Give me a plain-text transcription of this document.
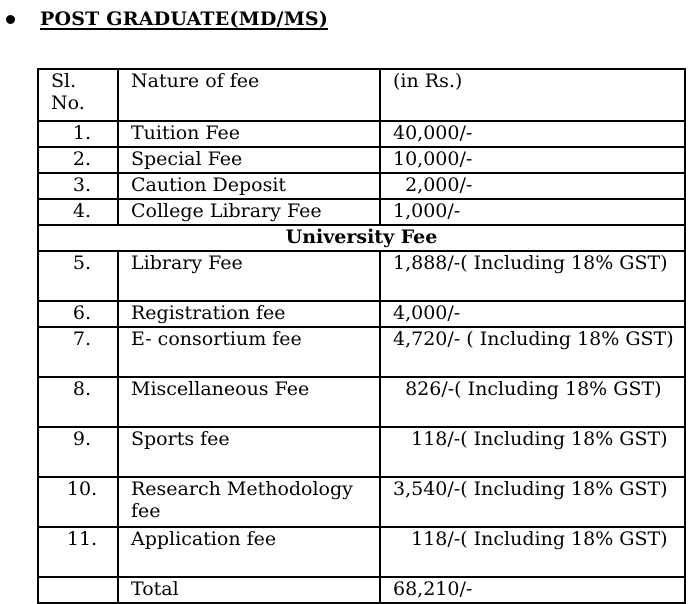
POST GRADUATE(MD/MS)
Sl. No.	Nature of fee	(in Rs.)
1.	Tuition Fee	40,000/-
2.	Special Fee	10,000/-
3.	Caution Deposit	2,000/-
4.	College Library Fee	1,000/-
University Fee		
5.	Library Fee	1,888/-( Including 18% GST)
6.	Registration fee	4,000/-
7.	E- consortium fee	4,720/- ( Including 18% GST)
8.	Miscellaneous Fee	826/-( Including 18% GST)
9.	Sports fee	118/-( Including 18% GST)
10.	Research Methodology fee	3,540/-( Including 18% GST)
11.	Application fee	118/-( Including 18% GST)
	Total	68,210/-
